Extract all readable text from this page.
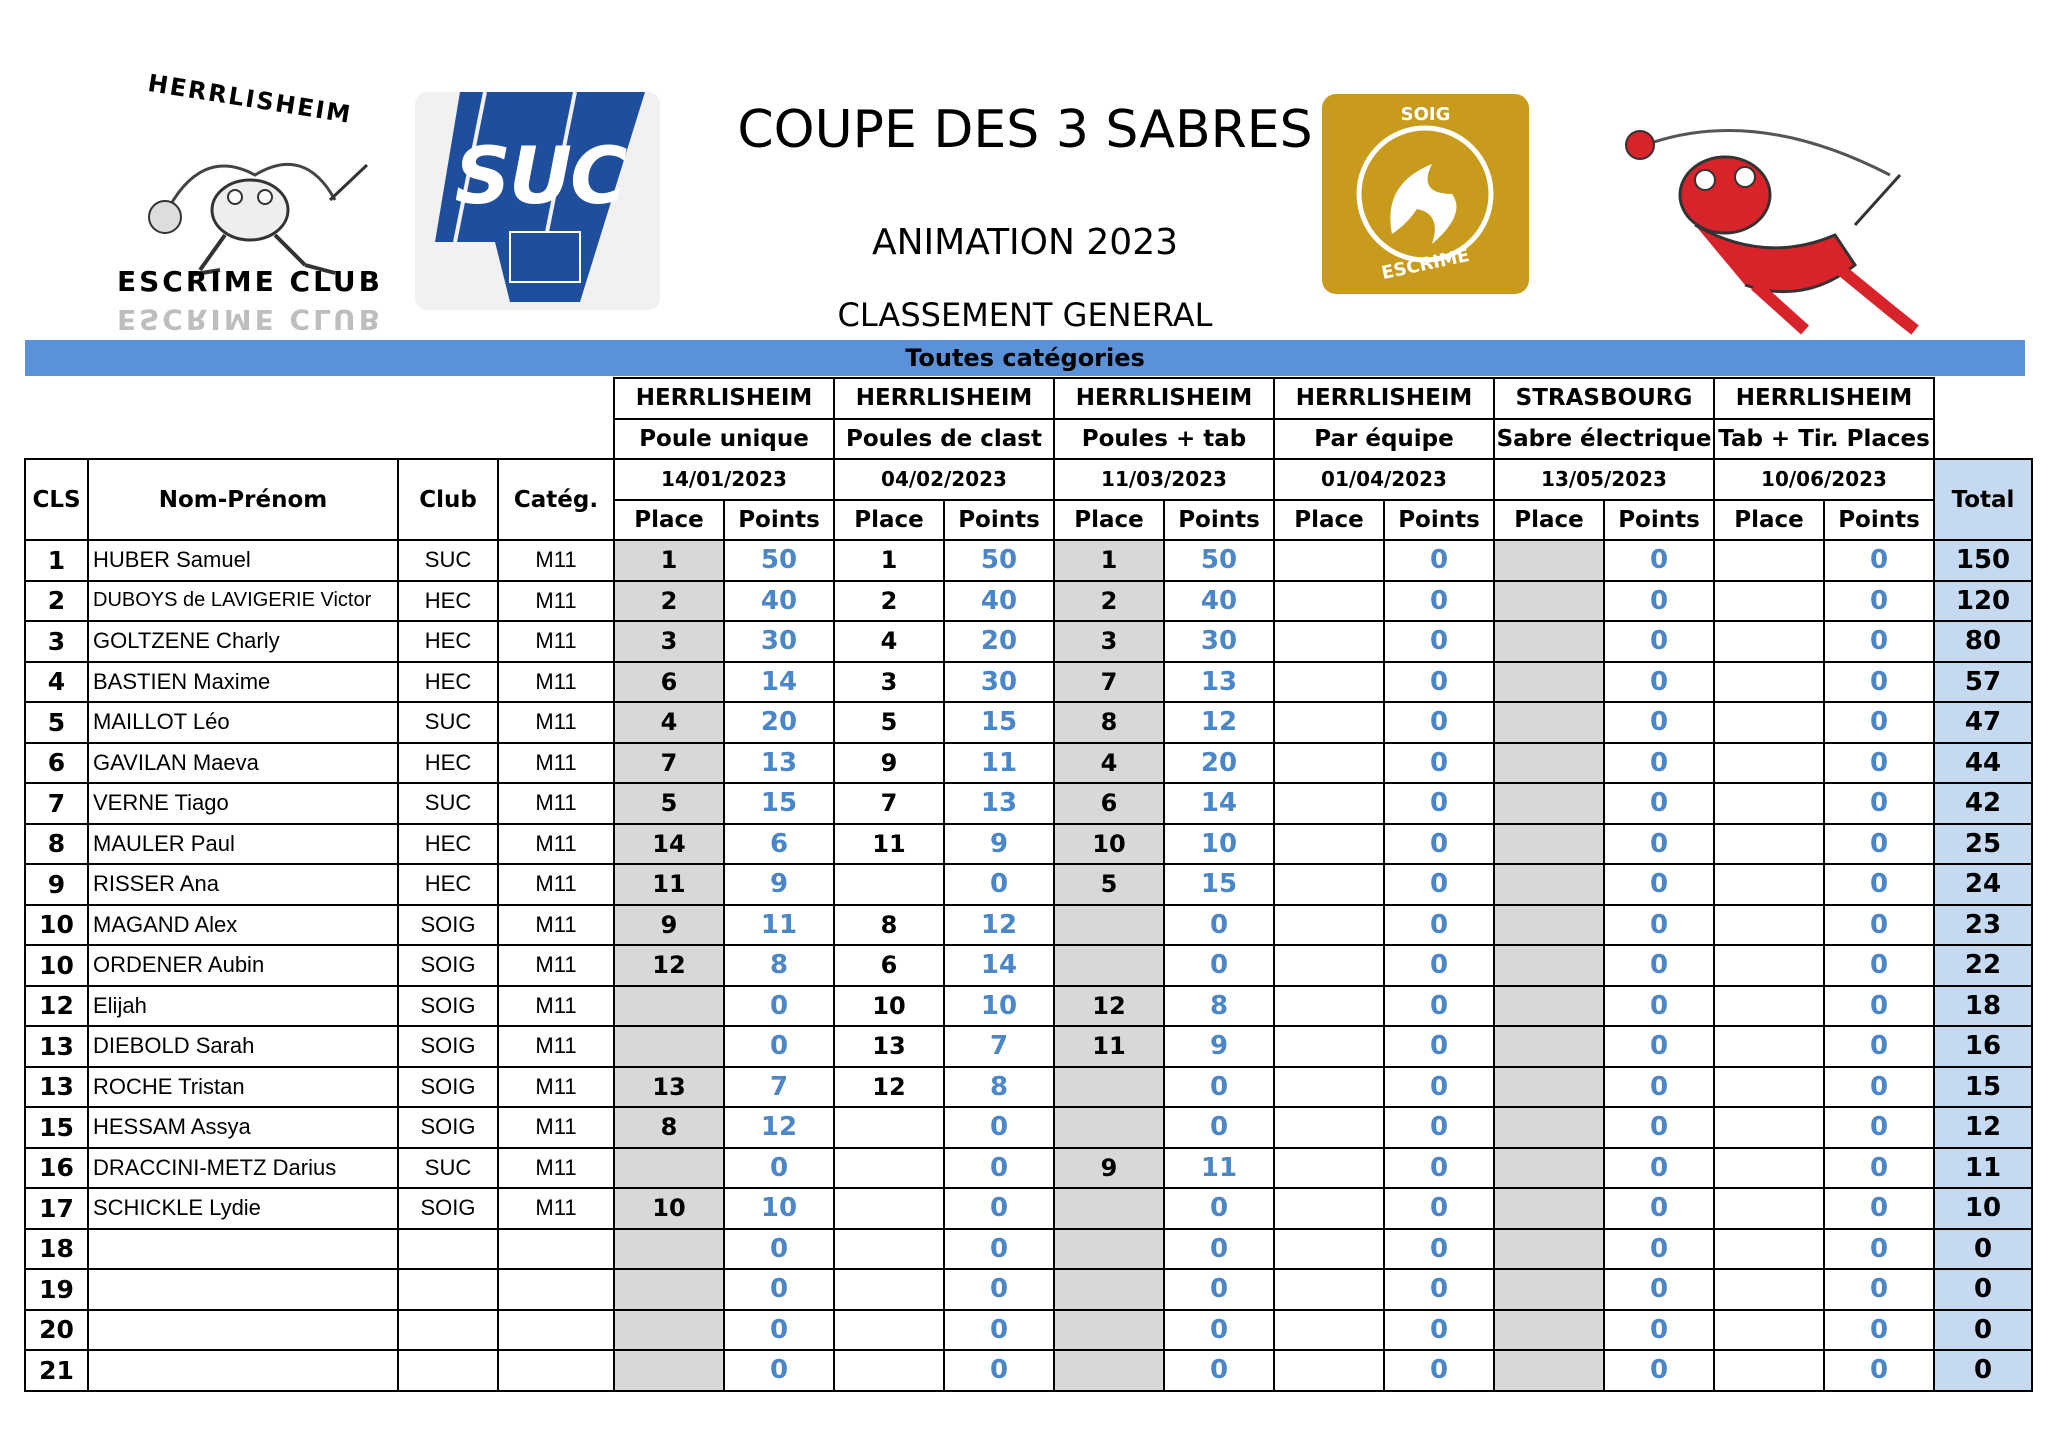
HERRLISHEIM
ESCRIME CLUB
ESCRIME CLUB
SUC
SOIG
ESCRIME
COUPE DES 3 SABRES
ANIMATION 2023
CLASSEMENT GENERAL
Toutes catégories
				HERRLISHEIM		HERRLISHEIM		HERRLISHEIM		HERRLISHEIM		STRASBOURG		HERRLISHEIM		
				Poule unique		Poules de clast		Poules + tab		Par équipe		Sabre électrique		Tab + Tir. Places		
CLS	Nom-Prénom	Club	Catég.	14/01/2023		04/02/2023		11/03/2023		01/04/2023		13/05/2023		10/06/2023		Total
				Place	Points	Place	Points	Place	Points	Place	Points	Place	Points	Place	Points	
1	HUBER Samuel	SUC	M11	1	50	1	50	1	50		0		0		0	150
2	DUBOYS de LAVIGERIE Victor	HEC	M11	2	40	2	40	2	40		0		0		0	120
3	GOLTZENE Charly	HEC	M11	3	30	4	20	3	30		0		0		0	80
4	BASTIEN Maxime	HEC	M11	6	14	3	30	7	13		0		0		0	57
5	MAILLOT Léo	SUC	M11	4	20	5	15	8	12		0		0		0	47
6	GAVILAN Maeva	HEC	M11	7	13	9	11	4	20		0		0		0	44
7	VERNE Tiago	SUC	M11	5	15	7	13	6	14		0		0		0	42
8	MAULER Paul	HEC	M11	14	6	11	9	10	10		0		0		0	25
9	RISSER Ana	HEC	M11	11	9		0	5	15		0		0		0	24
10	MAGAND Alex	SOIG	M11	9	11	8	12		0		0		0		0	23
10	ORDENER Aubin	SOIG	M11	12	8	6	14		0		0		0		0	22
12	Elijah	SOIG	M11		0	10	10	12	8		0		0		0	18
13	DIEBOLD Sarah	SOIG	M11		0	13	7	11	9		0		0		0	16
13	ROCHE Tristan	SOIG	M11	13	7	12	8		0		0		0		0	15
15	HESSAM Assya	SOIG	M11	8	12		0		0		0		0		0	12
16	DRACCINI-METZ Darius	SUC	M11		0		0	9	11		0		0		0	11
17	SCHICKLE Lydie	SOIG	M11	10	10		0		0		0		0		0	10
18					0		0		0		0		0		0	0
19					0		0		0		0		0		0	0
20					0		0		0		0		0		0	0
21					0		0		0		0		0		0	0
